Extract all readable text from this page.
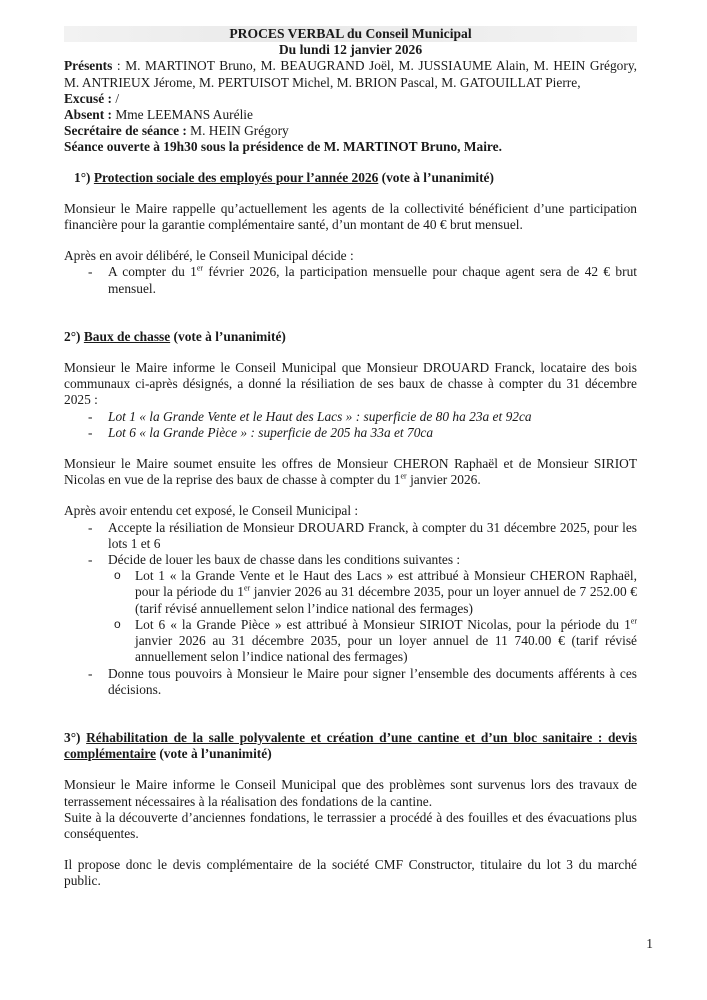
PROCES VERBAL du Conseil Municipal
Du lundi 12 janvier 2026

Présents : M. MARTINOT Bruno, M. BEAUGRAND Joël, M. JUSSIAUME Alain, M. HEIN Grégory, M. ANTRIEUX Jérome, M. PERTUISOT Michel, M. BRION Pascal, M. GATOUILLAT Pierre,

Excusé : /

Absent : Mme LEEMANS Aurélie

Secrétaire de séance : M. HEIN Grégory

Séance ouverte à 19h30 sous la présidence de M. MARTINOT Bruno, Maire.

1°) Protection sociale des employés pour l’année 2026 (vote à l’unanimité)

Monsieur le Maire rappelle qu’actuellement les agents de la collectivité bénéficient d’une participation financière pour la garantie complémentaire santé, d’un montant de 40 € brut mensuel.

Après en avoir délibéré, le Conseil Municipal décide :

- A compter du 1er février 2026, la participation mensuelle pour chaque agent sera de 42 € brut mensuel.

2°) Baux de chasse (vote à l’unanimité)

Monsieur le Maire informe le Conseil Municipal que Monsieur DROUARD Franck, locataire des bois communaux ci-après désignés, a donné la résiliation de ses baux de chasse à compter du 31 décembre 2025 :

- Lot 1 « la Grande Vente et le Haut des Lacs » : superficie de 80 ha 23a et 92ca
- Lot 6 « la Grande Pièce » : superficie de 205 ha 33a et 70ca

Monsieur le Maire soumet ensuite les offres de Monsieur CHERON Raphaël et de Monsieur SIRIOT Nicolas en vue de la reprise des baux de chasse à compter du 1er janvier 2026.

Après avoir entendu cet exposé, le Conseil Municipal :

- Accepte la résiliation de Monsieur DROUARD Franck, à compter du 31 décembre 2025, pour les lots 1 et 6
- Décide de louer les baux de chasse dans les conditions suivantes :
o Lot 1 « la Grande Vente et le Haut des Lacs » est attribué à Monsieur CHERON Raphaël, pour la période du 1er janvier 2026 au 31 décembre 2035, pour un loyer annuel de 7 252.00 € (tarif révisé annuellement selon l’indice national des fermages)
o Lot 6 « la Grande Pièce » est attribué à Monsieur SIRIOT Nicolas, pour la période du 1er janvier 2026 au 31 décembre 2035, pour un loyer annuel de 11 740.00 € (tarif révisé annuellement selon l’indice national des fermages)
- Donne tous pouvoirs à Monsieur le Maire pour signer l’ensemble des documents afférents à ces décisions.

3°) Réhabilitation de la salle polyvalente et création d’une cantine et d’un bloc sanitaire : devis complémentaire (vote à l’unanimité)

Monsieur le Maire informe le Conseil Municipal que des problèmes sont survenus lors des travaux de terrassement nécessaires à la réalisation des fondations de la cantine.

Suite à la découverte d’anciennes fondations, le terrassier a procédé à des fouilles et des évacuations plus conséquentes.

Il propose donc le devis complémentaire de la société CMF Constructor, titulaire du lot 3 du marché public.

1
